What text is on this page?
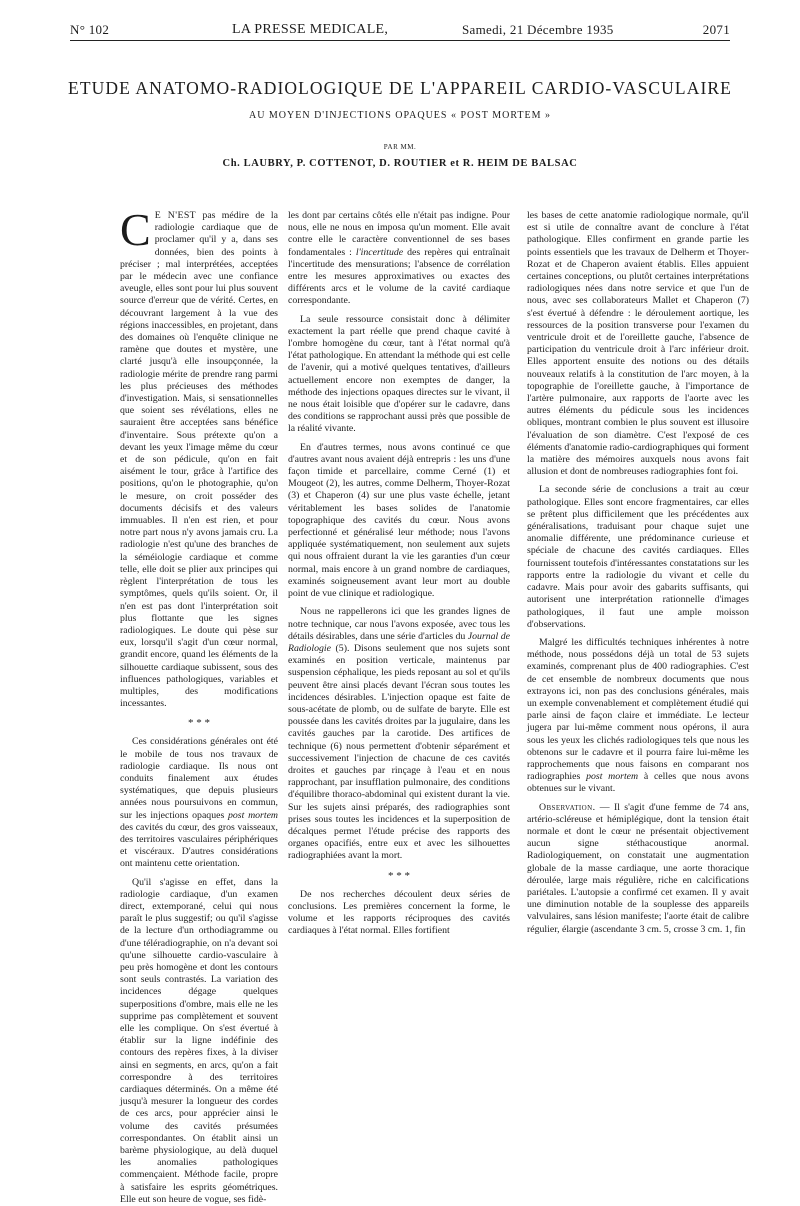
N° 102	LA PRESSE MEDICALE,	Samedi, 21 Décembre 1935	2071
ETUDE ANATOMO-RADIOLOGIQUE DE L'APPAREIL CARDIO-VASCULAIRE
AU MOYEN D'INJECTIONS OPAQUES « POST MORTEM »
PAR MM.
Ch. LAUBRY, P. COTTENOT, D. ROUTIER et R. HEIM DE BALSAC

C E N'EST pas médire de la radiologie cardiaque que de proclamer qu'il y a, dans ses données, bien des points à préciser ; mal interprétées, acceptées par le médecin avec une confiance aveugle, elles sont pour lui plus souvent source d'erreur que de vérité. Certes, en découvrant largement à la vue des régions inaccessibles, en projetant, dans des domaines où l'enquête clinique ne ramène que doutes et mystère, une clarté jusqu'à elle insoupçonnée, la radiologie mérite de prendre rang parmi les plus précieuses des méthodes d'investigation. Mais, si sensationnelles que soient ses révélations, elles ne sauraient être acceptées sans bénéfice d'inventaire. Sous prétexte qu'on a devant les yeux l'image même du cœur et de son pédicule, qu'on en fait aisément le tour, grâce à l'artifice des positions, qu'on le photographie, qu'on le mesure, on croit posséder des documents décisifs et des valeurs immuables. Il n'en est rien, et pour notre part nous n'y avons jamais cru. La radiologie n'est qu'une des branches de la séméiologie cardiaque et comme telle, elle doit se plier aux principes qui règlent l'interprétation de tous les symptômes, quels qu'ils soient. Or, il n'en est pas dont l'interprétation soit plus flottante que les signes radiologiques. Le doute qui pèse sur eux, lorsqu'il s'agit d'un cœur normal, grandit encore, quand les éléments de la silhouette cardiaque subissent, sous des influences pathologiques, variables et multiples, des modifications incessantes.

* * *

Ces considérations générales ont été le mobile de tous nos travaux de radiologie cardiaque. Ils nous ont conduits finalement aux études systématiques, que depuis plusieurs années nous poursuivons en commun, sur les injections opaques post mortem des cavités du cœur, des gros vaisseaux, des territoires vasculaires périphériques et viscéraux. D'autres considérations ont maintenu cette orientation.

Qu'il s'agisse en effet, dans la radiologie cardiaque, d'un examen direct, extemporané, celui qui nous paraît le plus suggestif; ou qu'il s'agisse de la lecture d'un orthodiagramme ou d'une téléradiographie, on n'a devant soi qu'une silhouette cardio-vasculaire à peu près homogène et dont les contours sont seuls contrastés. La variation des incidences dégage quelques superpositions d'ombre, mais elle ne les supprime pas complètement et souvent elle les complique. On s'est évertué à établir sur la ligne indéfinie des contours des repères fixes, à la diviser ainsi en segments, en arcs, qu'on a fait correspondre à des territoires cardiaques déterminés. On a même été jusqu'à mesurer la longueur des cordes de ces arcs, pour apprécier ainsi le volume des cavités présumées correspondantes. On établit ainsi un barème physiologique, au delà duquel les anomalies pathologiques commençaient. Méthode facile, propre à satisfaire les esprits géométriques. Elle eut son heure de vogue, ses fidè-

les dont par certains côtés elle n'était pas indigne. Pour nous, elle ne nous en imposa qu'un moment. Elle avait contre elle le caractère conventionnel de ses bases fondamentales : l'incertitude des repères qui entraînait l'incertitude des mensurations; l'absence de corrélation entre les mesures approximatives ou exactes des différents arcs et le volume de la cavité cardiaque correspondante.

La seule ressource consistait donc à délimiter exactement la part réelle que prend chaque cavité à l'ombre homogène du cœur, tant à l'état normal qu'à l'état pathologique. En attendant la méthode qui est celle de l'avenir, qui a motivé quelques tentatives, d'ailleurs actuellement encore non exemptes de danger, la méthode des injections opaques directes sur le vivant, il ne nous était loisible que d'opérer sur le cadavre, dans des conditions se rapprochant aussi près que possible de la réalité vivante.

En d'autres termes, nous avons continué ce que d'autres avant nous avaient déjà entrepris : les uns d'une façon timide et parcellaire, comme Cerné (1) et Mougeot (2), les autres, comme Delherm, Thoyer-Rozat (3) et Chaperon (4) sur une plus vaste échelle, jetant véritablement les bases solides de l'anatomie topographique des cavités du cœur. Nous avons perfectionné et généralisé leur méthode; nous l'avons appliquée systématiquement, non seulement aux sujets qui nous offraient durant la vie les garanties d'un cœur normal, mais encore à un grand nombre de cardiaques, examinés soigneusement avant leur mort au double point de vue clinique et radiologique.

Nous ne rappellerons ici que les grandes lignes de notre technique, car nous l'avons exposée, avec tous les détails désirables, dans une série d'articles du Journal de Radiologie (5). Disons seulement que nos sujets sont examinés en position verticale, maintenus par suspension céphalique, les pieds reposant au sol et qu'ils peuvent être ainsi placés devant l'écran sous toutes les incidences désirables. L'injection opaque est faite de sous-acétate de plomb, ou de sulfate de baryte. Elle est poussée dans les cavités droites par la jugulaire, dans les cavités gauches par la carotide. Des artifices de technique (6) nous permettent d'obtenir séparément et successivement l'injection de chacune de ces cavités droites et gauches par rinçage à l'eau et en nous rapprochant, par insufflation pulmonaire, des conditions d'équilibre thoraco-abdominal qui existent durant la vie. Sur les sujets ainsi préparés, des radiographies sont prises sous toutes les incidences et la superposition de décalques permet l'étude précise des rapports des organes opacifiés, entre eux et avec les silhouettes radiographiées avant la mort.

* * *

De nos recherches découlent deux séries de conclusions. Les premières concernent la forme, le volume et les rapports réciproques des cavités cardiaques à l'état normal. Elles fortifient

les bases de cette anatomie radiologique normale, qu'il est si utile de connaître avant de conclure à l'état pathologique. Elles confirment en grande partie les points essentiels que les travaux de Delherm et Thoyer-Rozat et de Chaperon avaient établis. Elles appuient certaines conceptions, ou plutôt certaines interprétations radiologiques nées dans notre service et que l'un de nous, avec ses collaborateurs Mallet et Chaperon (7) s'est évertué à défendre : le déroulement aortique, les ressources de la position transverse pour l'examen du ventricule droit et de l'oreillette gauche, l'absence de participation du ventricule droit à l'arc inférieur droit. Elles apportent ensuite des notions ou des détails nouveaux relatifs à la constitution de l'arc moyen, à la topographie de l'oreillette gauche, à l'importance de l'artère pulmonaire, aux rapports de l'aorte avec les autres éléments du pédicule sous les incidences obliques, montrant combien le plus souvent est illusoire l'évaluation de son diamètre. C'est l'exposé de ces éléments d'anatomie radio-cardiographiques qui forment la matière des mémoires auxquels nous avons fait allusion et dont de nombreuses radiographies font foi.

La seconde série de conclusions a trait au cœur pathologique. Elles sont encore fragmentaires, car elles se prêtent plus difficilement que les précédentes aux généralisations, traduisant pour chaque sujet une anomalie différente, une prédominance curieuse et spéciale de chacune des cavités cardiaques. Elles fournissent toutefois d'intéressantes constatations sur les rapports entre la radiologie du vivant et celle du cadavre. Mais pour avoir des gabarits suffisants, qui autorisent une interprétation rationnelle d'images pathologiques, il faut une ample moisson d'observations.

Malgré les difficultés techniques inhérentes à notre méthode, nous possédons déjà un total de 53 sujets examinés, comprenant plus de 400 radiographies. C'est de cet ensemble de nombreux documents que nous extrayons ici, non pas des conclusions générales, mais un exemple convenablement et complètement étudié qui parle ainsi de façon claire et immédiate. Le lecteur jugera par lui-même comment nous opérons, il aura sous les yeux les clichés radiologiques tels que nous les obtenons sur le cadavre et il pourra faire lui-même les rapprochements que nous faisons en comparant nos radiographies post mortem à celles que nous avons obtenues sur le vivant.

Observation. — Il s'agit d'une femme de 74 ans, artério-scléreuse et hémiplégique, dont la tension était normale et dont le cœur ne présentait objectivement aucun signe stéthacoustique anormal. Radiologiquement, on constatait une augmentation globale de la masse cardiaque, une aorte thoracique déroulée, large mais régulière, riche en calcifications pariétales. L'autopsie a confirmé cet examen. Il y avait une diminution notable de la souplesse des appareils valvulaires, sans lésion manifeste; l'aorte était de calibre régulier, élargie (ascendante 3 cm. 5, crosse 3 cm. 1, fin
